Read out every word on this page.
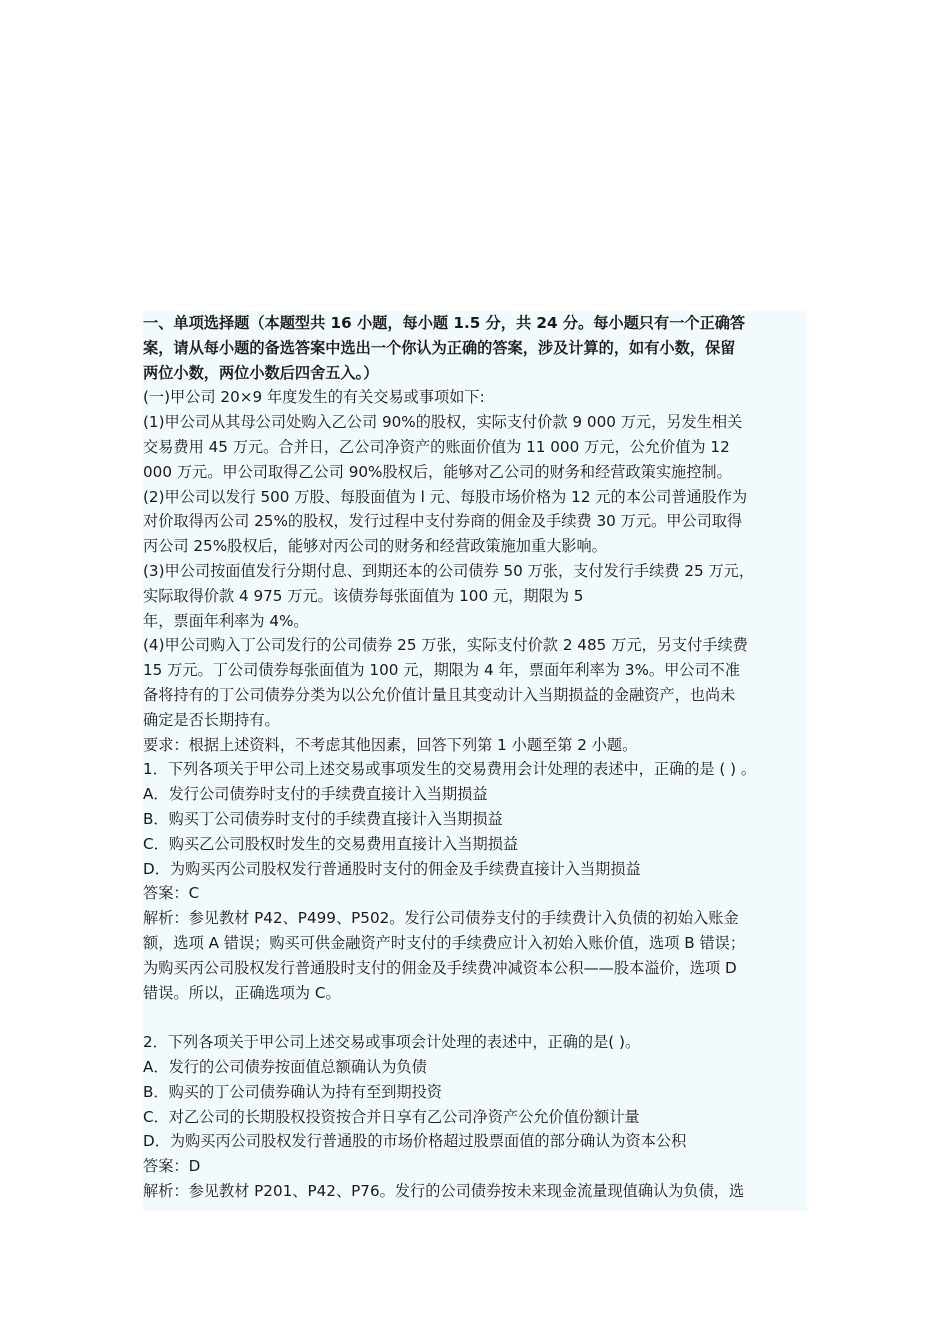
一、单项选择题（本题型共 16 小题，每小题 1.5 分，共 24 分。每小题只有一个正确答

案，请从每小题的备选答案中选出一个你认为正确的答案，涉及计算的，如有小数，保留

两位小数，两位小数后四舍五入。）

(一)甲公司 20×9 年度发生的有关交易或事项如下:

(1)甲公司从其母公司处购入乙公司 90%的股权，实际支付价款 9 000 万元，另发生相关

交易费用 45 万元。合并日，乙公司净资产的账面价值为 11 000 万元，公允价值为 12

000 万元。甲公司取得乙公司 90%股权后，能够对乙公司的财务和经营政策实施控制。

(2)甲公司以发行 500 万股、每股面值为 l 元、每股市场价格为 12 元的本公司普通股作为

对价取得丙公司 25%的股权，发行过程中支付券商的佣金及手续费 30 万元。甲公司取得

丙公司 25%股权后，能够对丙公司的财务和经营政策施加重大影响。

(3)甲公司按面值发行分期付息、到期还本的公司债券 50 万张，支付发行手续费 25 万元，

实际取得价款 4 975 万元。该债券每张面值为 100 元，期限为 5

年，票面年利率为 4%。

(4)甲公司购入丁公司发行的公司债券 25 万张，实际支付价款 2 485 万元，另支付手续费

15 万元。丁公司债券每张面值为 100 元，期限为 4 年，票面年利率为 3%。甲公司不准

备将持有的丁公司债券分类为以公允价值计量且其变动计入当期损益的金融资产，也尚未

确定是否长期持有。

要求：根据上述资料，不考虑其他因素，回答下列第 1 小题至第 2 小题。

1．下列各项关于甲公司上述交易或事项发生的交易费用会计处理的表述中，正确的是 ( ) 。

A．发行公司债券时支付的手续费直接计入当期损益

B．购买丁公司债券时支付的手续费直接计入当期损益

C．购买乙公司股权时发生的交易费用直接计入当期损益

D．为购买丙公司股权发行普通股时支付的佣金及手续费直接计入当期损益

答案：C

解析：参见教材 P42、P499、P502。发行公司债券支付的手续费计入负债的初始入账金

额，选项 A 错误；购买可供金融资产时支付的手续费应计入初始入账价值，选项 B 错误；

为购买丙公司股权发行普通股时支付的佣金及手续费冲减资本公积——股本溢价，选项 D

错误。所以，正确选项为 C。

2．下列各项关于甲公司上述交易或事项会计处理的表述中，正确的是( )。

A．发行的公司债券按面值总额确认为负债

B．购买的丁公司债券确认为持有至到期投资

C．对乙公司的长期股权投资按合并日享有乙公司净资产公允价值份额计量

D．为购买丙公司股权发行普通股的市场价格超过股票面值的部分确认为资本公积

答案：D

解析：参见教材 P201、P42、P76。发行的公司债券按未来现金流量现值确认为负债，选
